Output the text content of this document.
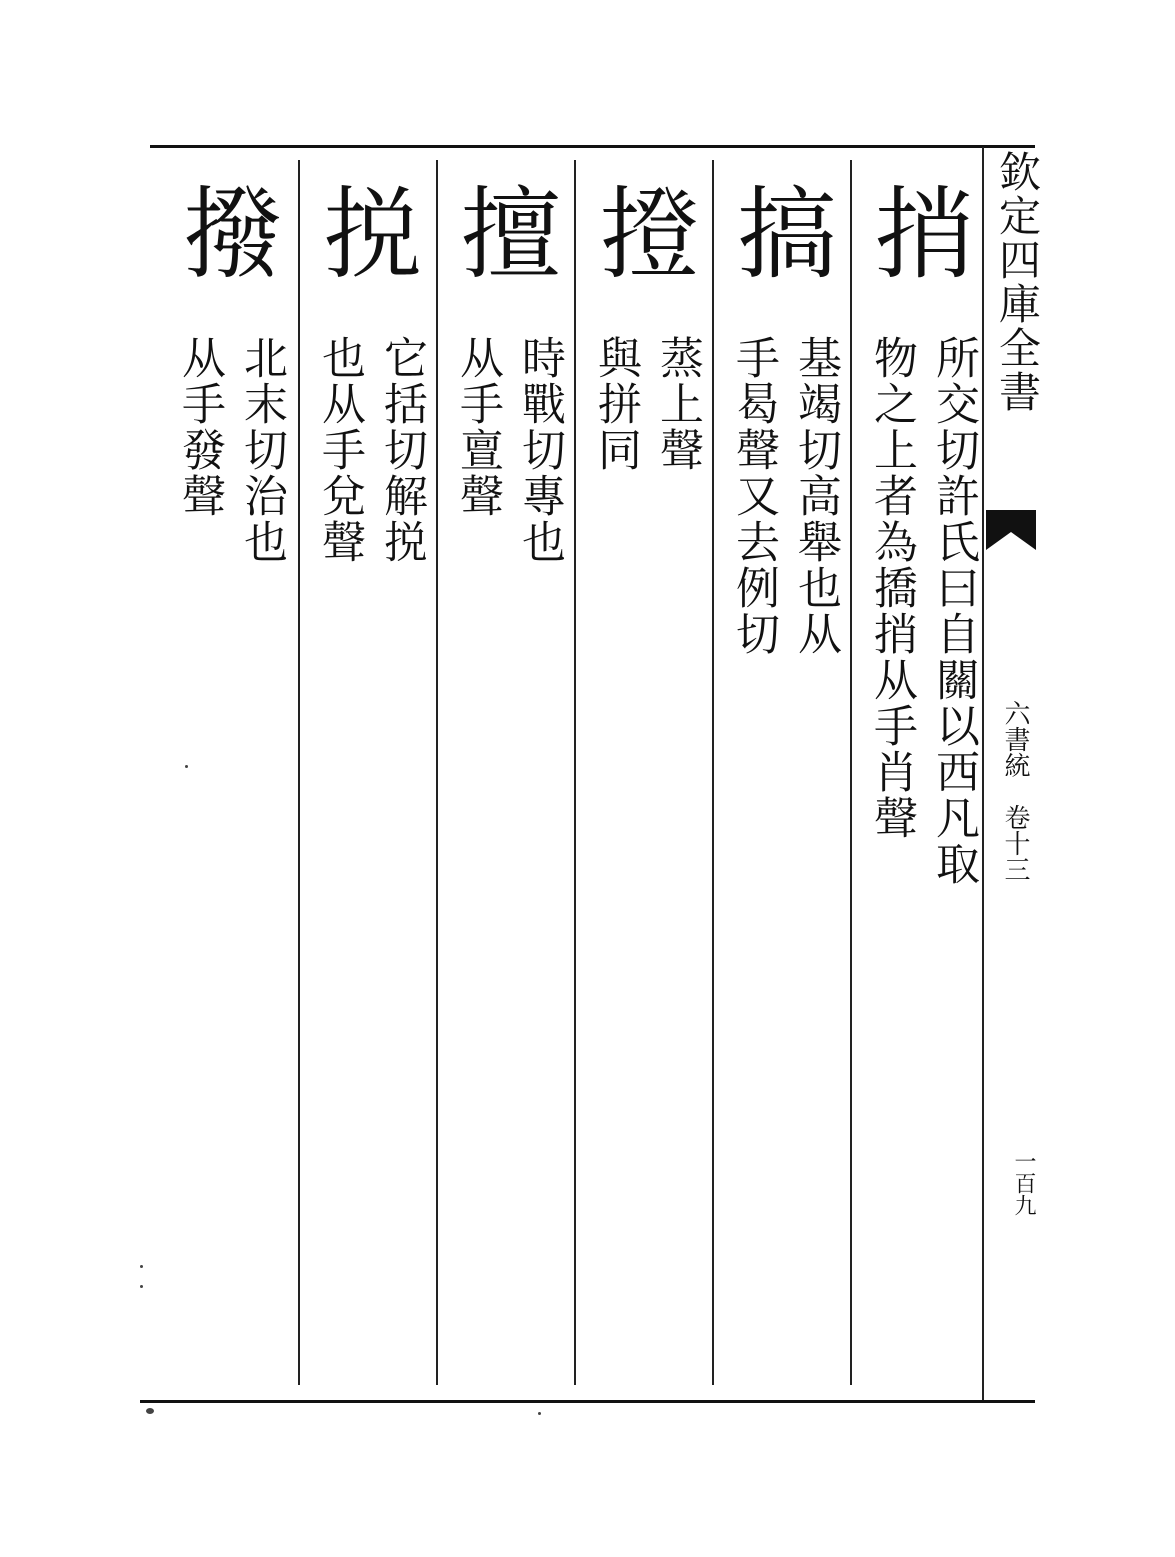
欽定四庫全書
六書統　卷十三
一百九
捎
所交切許氏曰自關以西凡取
物之上者為撟捎从手肖聲
搞
基竭切高舉也从
手曷聲又去例切
撜
蒸上聲
與拼同
擅
時戰切專也
从手亶聲
捝
它括切解捝
也从手兌聲
撥
北末切治也
从手發聲
